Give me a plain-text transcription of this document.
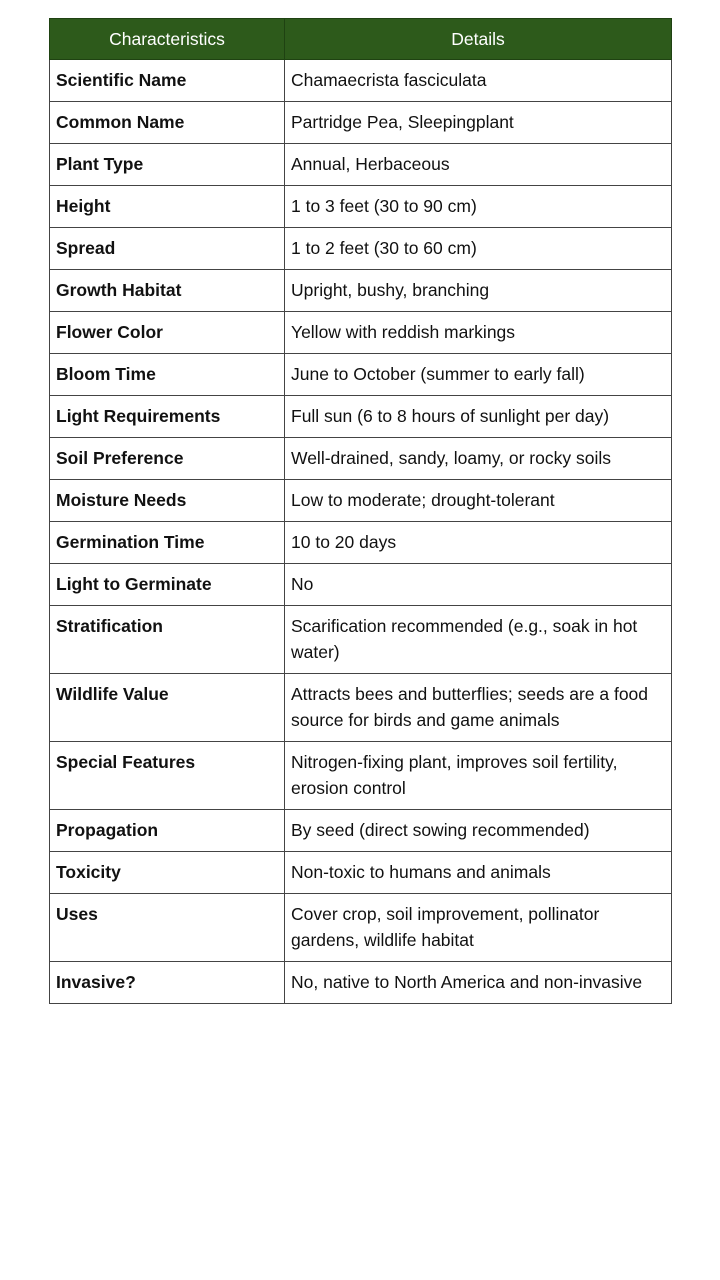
Characteristics	Details
Scientific Name	Chamaecrista fasciculata
Common Name	Partridge Pea, Sleepingplant
Plant Type	Annual, Herbaceous
Height	1 to 3 feet (30 to 90 cm)
Spread	1 to 2 feet (30 to 60 cm)
Growth Habitat	Upright, bushy, branching
Flower Color	Yellow with reddish markings
Bloom Time	June to October (summer to early fall)
Light Requirements	Full sun (6 to 8 hours of sunlight per day)
Soil Preference	Well-drained, sandy, loamy, or rocky soils
Moisture Needs	Low to moderate; drought-tolerant
Germination Time	10 to 20 days
Light to Germinate	No
Stratification	Scarification recommended (e.g., soak in hot water)
Wildlife Value	Attracts bees and butterflies; seeds are a food source for birds and game animals
Special Features	Nitrogen-fixing plant, improves soil fertility, erosion control
Propagation	By seed (direct sowing recommended)
Toxicity	Non-toxic to humans and animals
Uses	Cover crop, soil improvement, pollinator gardens, wildlife habitat
Invasive?	No, native to North America and non-invasive
